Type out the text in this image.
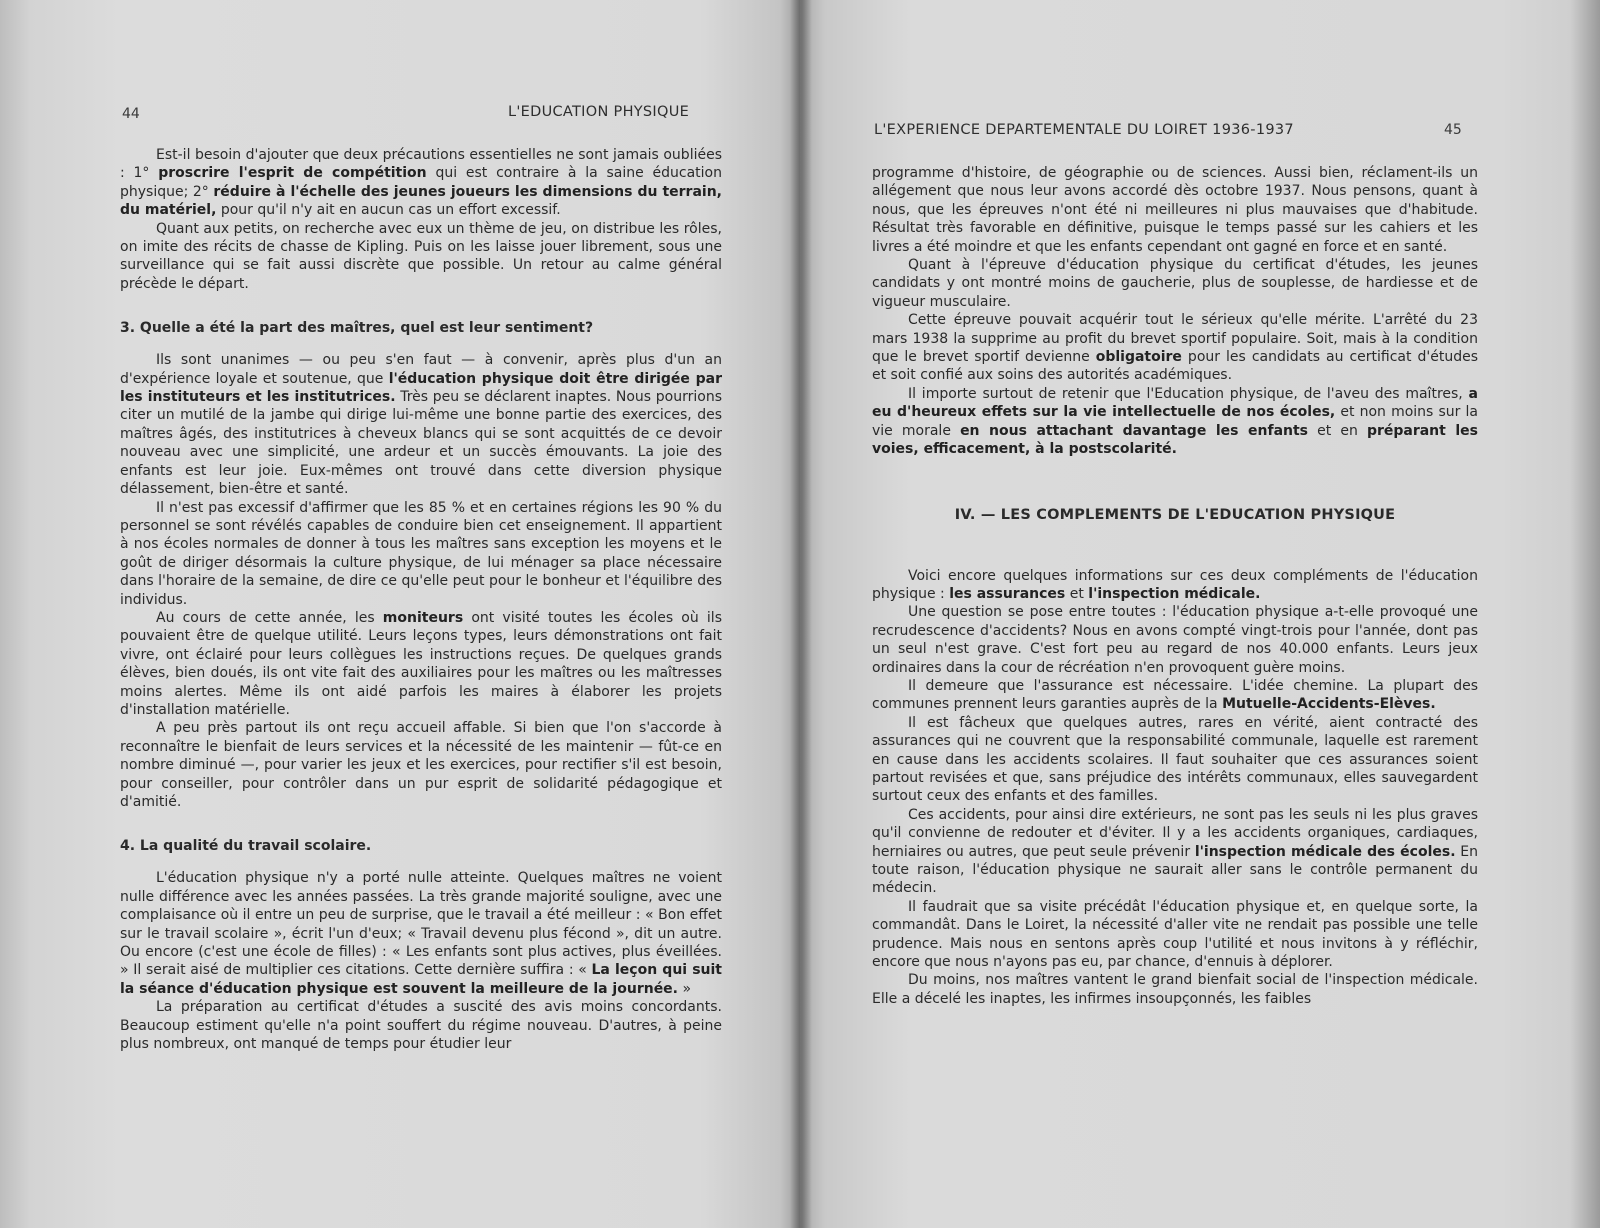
44	L'EDUCATION PHYSIQUE

Est-il besoin d'ajouter que deux précautions essentielles ne sont jamais oubliées : 1° proscrire l'esprit de compétition qui est contraire à la saine éducation physique; 2° réduire à l'échelle des jeunes joueurs les dimensions du terrain, du matériel, pour qu'il n'y ait en aucun cas un effort excessif.

Quant aux petits, on recherche avec eux un thème de jeu, on distribue les rôles, on imite des récits de chasse de Kipling. Puis on les laisse jouer librement, sous une surveillance qui se fait aussi discrète que possible. Un retour au calme général précède le départ.

3. Quelle a été la part des maîtres, quel est leur sentiment?

Ils sont unanimes — ou peu s'en faut — à convenir, après plus d'un an d'expérience loyale et soutenue, que l'éducation physique doit être dirigée par les instituteurs et les institutrices. Très peu se déclarent inaptes. Nous pourrions citer un mutilé de la jambe qui dirige lui-même une bonne partie des exercices, des maîtres âgés, des institutrices à cheveux blancs qui se sont acquittés de ce devoir nouveau avec une simplicité, une ardeur et un succès émouvants. La joie des enfants est leur joie. Eux-mêmes ont trouvé dans cette diversion physique délassement, bien-être et santé.

Il n'est pas excessif d'affirmer que les 85 % et en certaines régions les 90 % du personnel se sont révélés capables de conduire bien cet enseignement. Il appartient à nos écoles normales de donner à tous les maîtres sans exception les moyens et le goût de diriger désormais la culture physique, de lui ménager sa place nécessaire dans l'horaire de la semaine, de dire ce qu'elle peut pour le bonheur et l'équilibre des individus.

Au cours de cette année, les moniteurs ont visité toutes les écoles où ils pouvaient être de quelque utilité. Leurs leçons types, leurs démonstrations ont fait vivre, ont éclairé pour leurs collègues les instructions reçues. De quelques grands élèves, bien doués, ils ont vite fait des auxiliaires pour les maîtres ou les maîtresses moins alertes. Même ils ont aidé parfois les maires à élaborer les projets d'installation matérielle.

A peu près partout ils ont reçu accueil affable. Si bien que l'on s'accorde à reconnaître le bienfait de leurs services et la nécessité de les maintenir — fût-ce en nombre diminué —, pour varier les jeux et les exercices, pour rectifier s'il est besoin, pour conseiller, pour contrôler dans un pur esprit de solidarité pédagogique et d'amitié.

4. La qualité du travail scolaire.

L'éducation physique n'y a porté nulle atteinte. Quelques maîtres ne voient nulle différence avec les années passées. La très grande majorité souligne, avec une complaisance où il entre un peu de surprise, que le travail a été meilleur : « Bon effet sur le travail scolaire », écrit l'un d'eux; « Travail devenu plus fécond », dit un autre. Ou encore (c'est une école de filles) : « Les enfants sont plus actives, plus éveillées. » Il serait aisé de multiplier ces citations. Cette dernière suffira : « La leçon qui suit la séance d'éducation physique est souvent la meilleure de la journée. »

La préparation au certificat d'études a suscité des avis moins concordants. Beaucoup estiment qu'elle n'a point souffert du régime nouveau. D'autres, à peine plus nombreux, ont manqué de temps pour étudier leur

L'EXPERIENCE DEPARTEMENTALE DU LOIRET 1936-1937	45

programme d'histoire, de géographie ou de sciences. Aussi bien, réclament-ils un allégement que nous leur avons accordé dès octobre 1937. Nous pensons, quant à nous, que les épreuves n'ont été ni meilleures ni plus mauvaises que d'habitude. Résultat très favorable en définitive, puisque le temps passé sur les cahiers et les livres a été moindre et que les enfants cependant ont gagné en force et en santé.

Quant à l'épreuve d'éducation physique du certificat d'études, les jeunes candidats y ont montré moins de gaucherie, plus de souplesse, de hardiesse et de vigueur musculaire.

Cette épreuve pouvait acquérir tout le sérieux qu'elle mérite. L'arrêté du 23 mars 1938 la supprime au profit du brevet sportif populaire. Soit, mais à la condition que le brevet sportif devienne obligatoire pour les candidats au certificat d'études et soit confié aux soins des autorités académiques.

Il importe surtout de retenir que l'Education physique, de l'aveu des maîtres, a eu d'heureux effets sur la vie intellectuelle de nos écoles, et non moins sur la vie morale en nous attachant davantage les enfants et en préparant les voies, efficacement, à la postscolarité.

IV. — LES COMPLEMENTS DE L'EDUCATION PHYSIQUE

Voici encore quelques informations sur ces deux compléments de l'éducation physique : les assurances et l'inspection médicale.

Une question se pose entre toutes : l'éducation physique a-t-elle provoqué une recrudescence d'accidents? Nous en avons compté vingt-trois pour l'année, dont pas un seul n'est grave. C'est fort peu au regard de nos 40.000 enfants. Leurs jeux ordinaires dans la cour de récréation n'en provoquent guère moins.

Il demeure que l'assurance est nécessaire. L'idée chemine. La plupart des communes prennent leurs garanties auprès de la Mutuelle-Accidents-Elèves.

Il est fâcheux que quelques autres, rares en vérité, aient contracté des assurances qui ne couvrent que la responsabilité communale, laquelle est rarement en cause dans les accidents scolaires. Il faut souhaiter que ces assurances soient partout revisées et que, sans préjudice des intérêts communaux, elles sauvegardent surtout ceux des enfants et des familles.

Ces accidents, pour ainsi dire extérieurs, ne sont pas les seuls ni les plus graves qu'il convienne de redouter et d'éviter. Il y a les accidents organiques, cardiaques, herniaires ou autres, que peut seule prévenir l'inspection médicale des écoles. En toute raison, l'éducation physique ne saurait aller sans le contrôle permanent du médecin.

Il faudrait que sa visite précédât l'éducation physique et, en quelque sorte, la commandât. Dans le Loiret, la nécessité d'aller vite ne rendait pas possible une telle prudence. Mais nous en sentons après coup l'utilité et nous invitons à y réfléchir, encore que nous n'ayons pas eu, par chance, d'ennuis à déplorer.

Du moins, nos maîtres vantent le grand bienfait social de l'inspection médicale. Elle a décelé les inaptes, les infirmes insoupçonnés, les faibles
